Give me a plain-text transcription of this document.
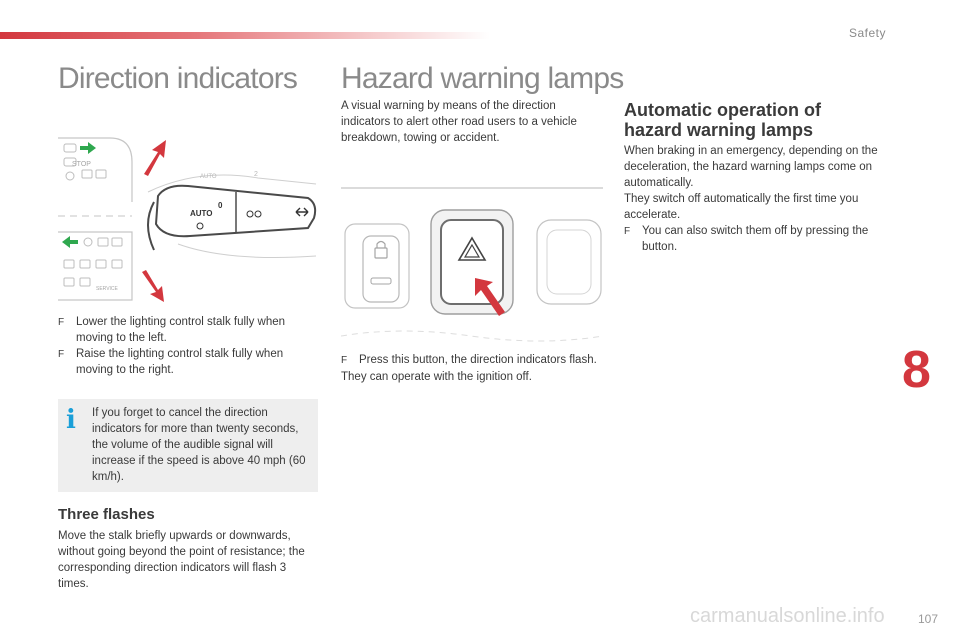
Safety
8
Direction indicators
STOP
SERVICE
AUTO	2
0
AUTO
F	Lower the lighting control stalk fully when moving to the left.
F	Raise the lighting control stalk fully when moving to the right.
i If you forget to cancel the direction indicators for more than twenty seconds, the volume of the audible signal will increase if the speed is above 40 mph (60 km/h).
Three flashes
Move the stalk briefly upwards or downwards, without going beyond the point of resistance; the corresponding direction indicators will flash 3 times.
Hazard warning lamps
A visual warning by means of the direction indicators to alert other road users to a vehicle breakdown, towing or accident.
F	Press this button, the direction indicators flash.

They can operate with the ignition off.

Automatic operation of
hazard warning lamps

When braking in an emergency, depending on the deceleration, the hazard warning lamps come on automatically.

They switch off automatically the first time you accelerate.

F	You can also switch them off by pressing the button.
107
carmanualsonline.info
